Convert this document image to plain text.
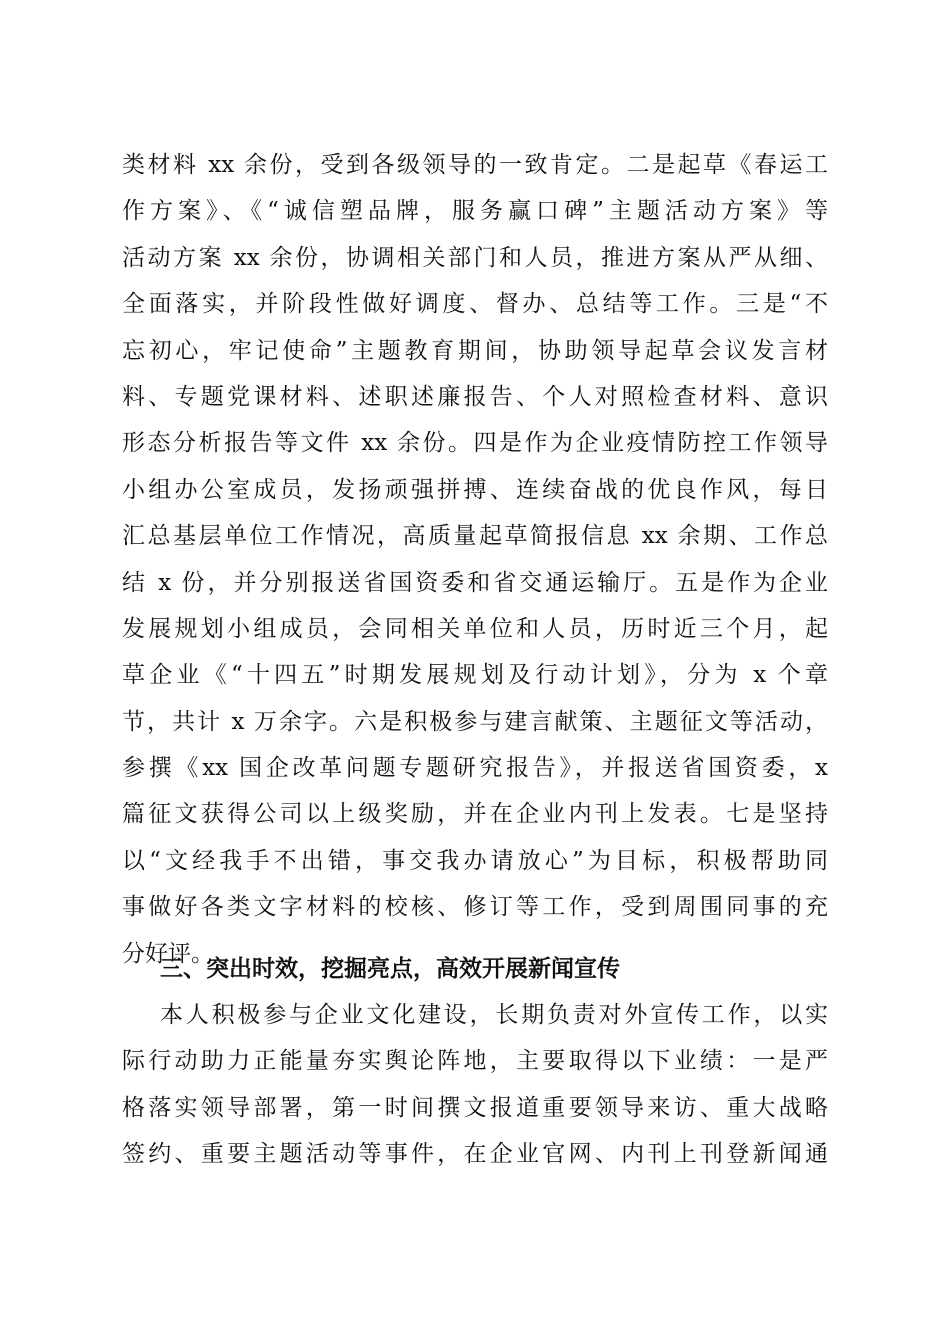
类材料 xx 余份，受到各级领导的一致肯定。二是起草《春运工
作方案》、《“诚信塑品牌，服务赢口碑”主题活动方案》等
活动方案 xx 余份，协调相关部门和人员，推进方案从严从细、
全面落实，并阶段性做好调度、督办、总结等工作。三是“不
忘初心，牢记使命”主题教育期间，协助领导起草会议发言材
料、专题党课材料、述职述廉报告、个人对照检查材料、意识
形态分析报告等文件 xx 余份。四是作为企业疫情防控工作领导
小组办公室成员，发扬顽强拼搏、连续奋战的优良作风，每日
汇总基层单位工作情况，高质量起草简报信息 xx 余期、工作总
结 x 份，并分别报送省国资委和省交通运输厅。五是作为企业
发展规划小组成员，会同相关单位和人员，历时近三个月，起
草企业《“十四五”时期发展规划及行动计划》，分为 x 个章
节，共计 x 万余字。六是积极参与建言献策、主题征文等活动，
参撰《xx 国企改革问题专题研究报告》，并报送省国资委，x
篇征文获得公司以上级奖励，并在企业内刊上发表。七是坚持
以“文经我手不出错，事交我办请放心”为目标，积极帮助同
事做好各类文字材料的校核、修订等工作，受到周围同事的充
分好评。
三、突出时效，挖掘亮点，高效开展新闻宣传
本人积极参与企业文化建设，长期负责对外宣传工作，以实
际行动助力正能量夯实舆论阵地，主要取得以下业绩：一是严
格落实领导部署，第一时间撰文报道重要领导来访、重大战略
签约、重要主题活动等事件，在企业官网、内刊上刊登新闻通
